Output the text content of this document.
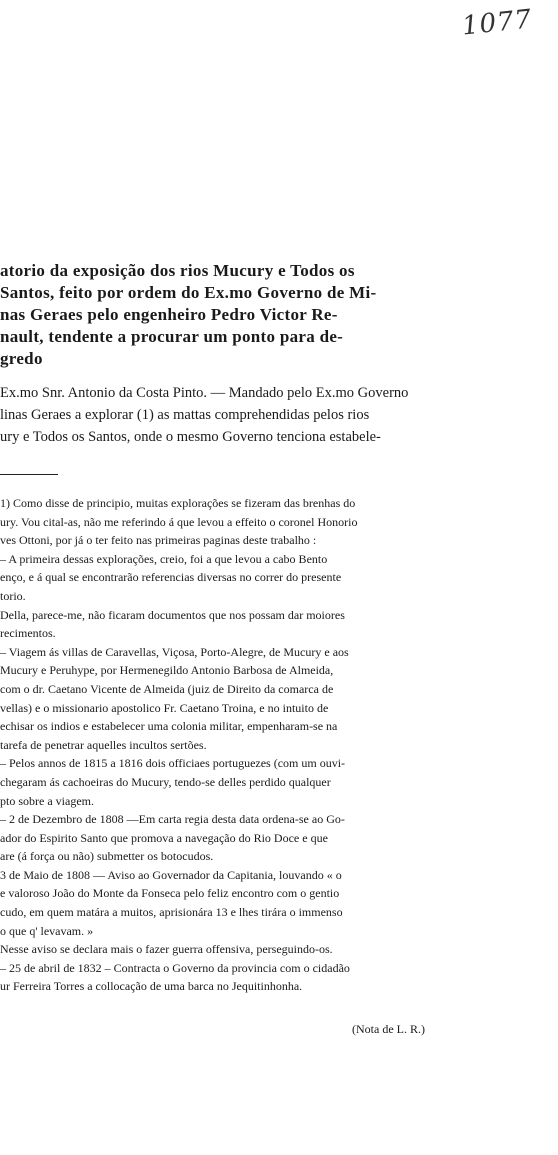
1077
atorio da exposição dos rios Mucury e Todos os
Santos, feito por ordem do Ex.mo Governo de Mi-
nas Geraes pelo engenheiro Pedro Victor Re-
nault, tendente a procurar um ponto para de-
gredo

Ex.mo Snr. Antonio da Costa Pinto. — Mandado pelo Ex.mo Governo
linas Geraes a explorar (1) as mattas comprehendidas pelos rios
ury e Todos os Santos, onde o mesmo Governo tenciona estabele-

1) Como disse de principio, muitas explorações se fizeram das brenhas do
ury. Vou cital-as, não me referindo á que levou a effeito o coronel Honorio
ves Ottoni, por já o ter feito nas primeiras paginas deste trabalho :
– A primeira dessas explorações, creio, foi a que levou a cabo Bento
enço, e á qual se encontrarão referencias diversas no correr do presente
torio.
Della, parece-me, não ficaram documentos que nos possam dar moiores
recimentos.
– Viagem ás villas de Caravellas, Viçosa, Porto-Alegre, de Mucury e aos
Mucury e Peruhype, por Hermenegildo Antonio Barbosa de Almeida,
com o dr. Caetano Vicente de Almeida (juiz de Direito da comarca de
vellas) e o missionario apostolico Fr. Caetano Troina, e no intuito de
echisar os indios e estabelecer uma colonia militar, empenharam-se na
tarefa de penetrar aquelles incultos sertões.
– Pelos annos de 1815 a 1816 dois officiaes portuguezes (com um ouvi-
chegaram ás cachoeiras do Mucury, tendo-se delles perdido qualquer
pto sobre a viagem.
– 2 de Dezembro de 1808 —Em carta regia desta data ordena-se ao Go-
ador do Espirito Santo que promova a navegação do Rio Doce e que
are (á força ou não) submetter os botocudos.
3 de Maio de 1808 — Aviso ao Governador da Capitania, louvando « o
e valoroso João do Monte da Fonseca pelo feliz encontro com o gentio
cudo, em quem matára a muitos, aprisionára 13 e lhes tirára o immenso
o que q' levavam. »
Nesse aviso se declara mais o fazer guerra offensiva, perseguindo-os.
– 25 de abril de 1832 – Contracta o Governo da provincia com o cidadão
ur Ferreira Torres a collocação de uma barca no Jequitinhonha.
(Nota de L. R.)
